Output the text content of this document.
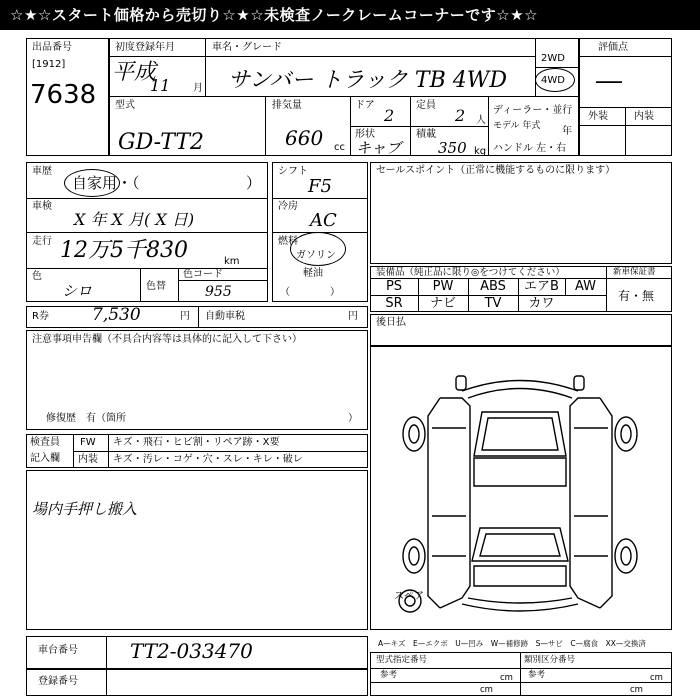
☆★☆スタート価格から売切り☆★☆未検査ノークレームコーナーです☆★☆
出品番号
[1912]
7638
初度登録年月
平成
11 月
車名・グレード
サンバー トラック TB 4WD
2WD
4WD
評価点
―
外装	内装
型式
GD-TT2
排気量
660 cc
ドア
2
定員
2 人
形状
キャブ
積載
350 kg
ディーラー・並行
モデル 年式 年
ハンドル 左・右
車歴
自家用・（	）
車検
X 年 X 月( X 日)
走行 12万5千830	km
色
シロ	色替
色コード
955
シフト
F5
冷房
AC
燃料
ガソリン
軽油
（　　　　）
セールスポイント（正常に機能するものに限ります）
装備品（純正品に限り◎をつけてください）	新車保証書
有・無
PS	PW	ABS	エアB	AW
SR	ナビ	TV	カワ
R券	7,530	円 自動車税	円
後日払
注意事項申告欄（不具合内容等は具体的に記入して下さい）
修復歴　有（箇所	）
検査員
記入欄
FW キズ・飛石・ヒビ割・リペア跡・X要
内装 キズ・汚レ・コゲ・穴・スレ・キレ・破レ
場内手押し搬入
スペア
車台番号	TT2-033470
登録番号
A—キズ　E—エクボ　U—凹み　W—補修跡　S—サビ　C—腐食　XX—交換済
型式指定番号	類別区分番号
参考	cm 参考	cm
cm	cm
